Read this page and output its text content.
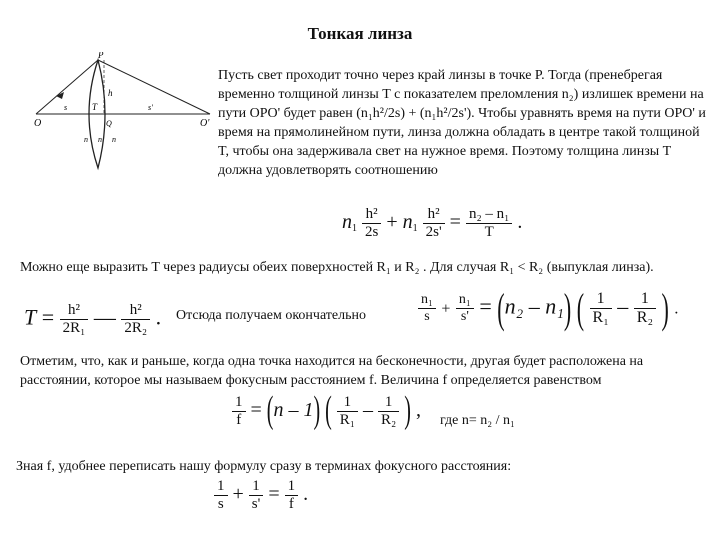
Тонкая линза
P
h
T
O	O'
n n n
s	s'
Q
Пусть свет проходит точно через край линзы в точке P. Тогда (пренебрегая временно толщиной линзы T с показателем преломления n₂) излишек времени на пути OPO' будет равен (n₁h²/2s) + (n₁h²/2s'). Чтобы уравнять время на пути OPO' и время на прямолинейном пути, линза должна обладать в центре такой толщиной T, чтобы она задерживала свет на нужное время. Поэтому толщина линзы T должна удовлетворять соотношению
$n_1 \frac{\text{h²}}{2s} + n_1 \frac{\text{h²}}{2s'} = \frac{\text{n₂ – n₁}}{T}$ .
Можно еще выразить T через радиусы обеих поверхностей R₁ и R₂ . Для случая R₁ < R₂ (выпуклая линза).
$T = \frac{\text{h²}}{\text{2R₁}}$ — $\frac{\text{h²}}{\text{2R₂}}$ . Отсюда получаем окончательно	$\frac{\text{n₁}}{s} + \frac{\text{n₁}}{s'} = (n_2 - n_1)$ ( $\frac{1}{\text{R₁}} - \frac{1}{\text{R₂}}$ ) .
Отметим, что, как и раньше, когда одна точка находится на бесконечности, другая будет расположена на расстоянии, которое мы называем фокусным расстоянием f. Величина f определяется равенством
$\frac{1}{f} = (n - 1)$ ( $\frac{1}{\text{R₁}} - \frac{1}{\text{R₂}}$ ) , где n= n₂ / n₁
Зная f, удобнее переписать нашу формулу сразу в терминах фокусного расстояния:
$\frac{1}{s} + \frac{1}{s'} = \frac{1}{f}$ .
